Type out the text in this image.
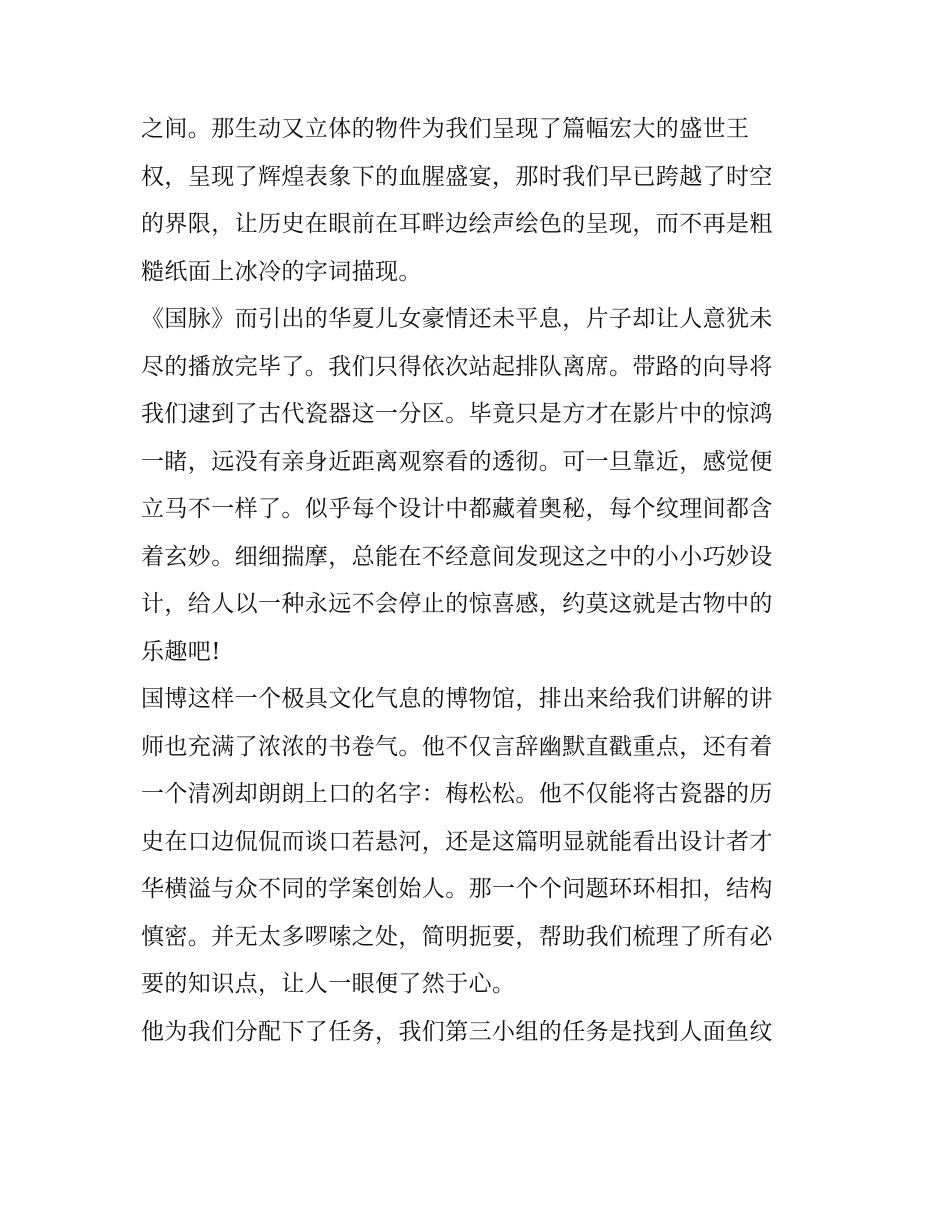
之间。那生动又立体的物件为我们呈现了篇幅宏大的盛世王
权，呈现了辉煌表象下的血腥盛宴，那时我们早已跨越了时空
的界限，让历史在眼前在耳畔边绘声绘色的呈现，而不再是粗
糙纸面上冰冷的字词描现。
《国脉》而引出的华夏儿女豪情还未平息，片子却让人意犹未
尽的播放完毕了。我们只得依次站起排队离席。带路的向导将
我们逮到了古代瓷器这一分区。毕竟只是方才在影片中的惊鸿
一睹，远没有亲身近距离观察看的透彻。可一旦靠近，感觉便
立马不一样了。似乎每个设计中都藏着奥秘，每个纹理间都含
着玄妙。细细揣摩，总能在不经意间发现这之中的小小巧妙设
计，给人以一种永远不会停止的惊喜感，约莫这就是古物中的
乐趣吧!
国博这样一个极具文化气息的博物馆，排出来给我们讲解的讲
师也充满了浓浓的书卷气。他不仅言辞幽默直戳重点，还有着
一个清冽却朗朗上口的名字：梅松松。他不仅能将古瓷器的历
史在口边侃侃而谈口若悬河，还是这篇明显就能看出设计者才
华横溢与众不同的学案创始人。那一个个问题环环相扣，结构
慎密。并无太多啰嗦之处，简明扼要，帮助我们梳理了所有必
要的知识点，让人一眼便了然于心。
他为我们分配下了任务，我们第三小组的任务是找到人面鱼纹
